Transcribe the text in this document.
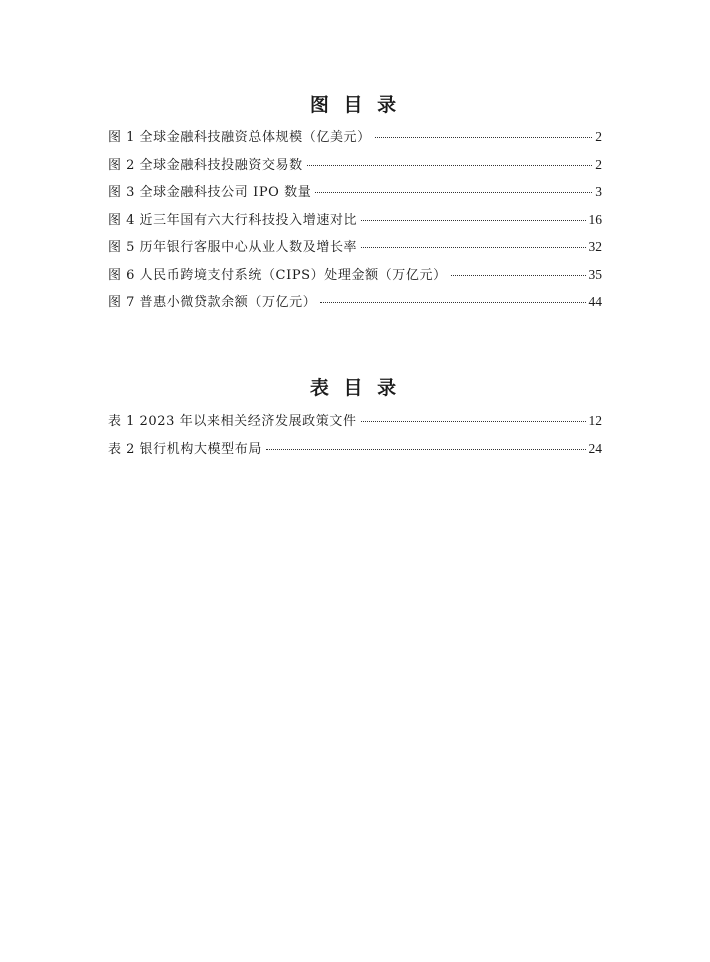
图 目 录
图 1 全球金融科技融资总体规模（亿美元）	2
图 2 全球金融科技投融资交易数	2
图 3 全球金融科技公司 IPO 数量	3
图 4 近三年国有六大行科技投入增速对比	16
图 5 历年银行客服中心从业人数及增长率	32
图 6 人民币跨境支付系统（CIPS）处理金额（万亿元）	35
图 7 普惠小微贷款余额（万亿元）	44
表 目 录
表 1 2023 年以来相关经济发展政策文件	12
表 2 银行机构大模型布局	24
